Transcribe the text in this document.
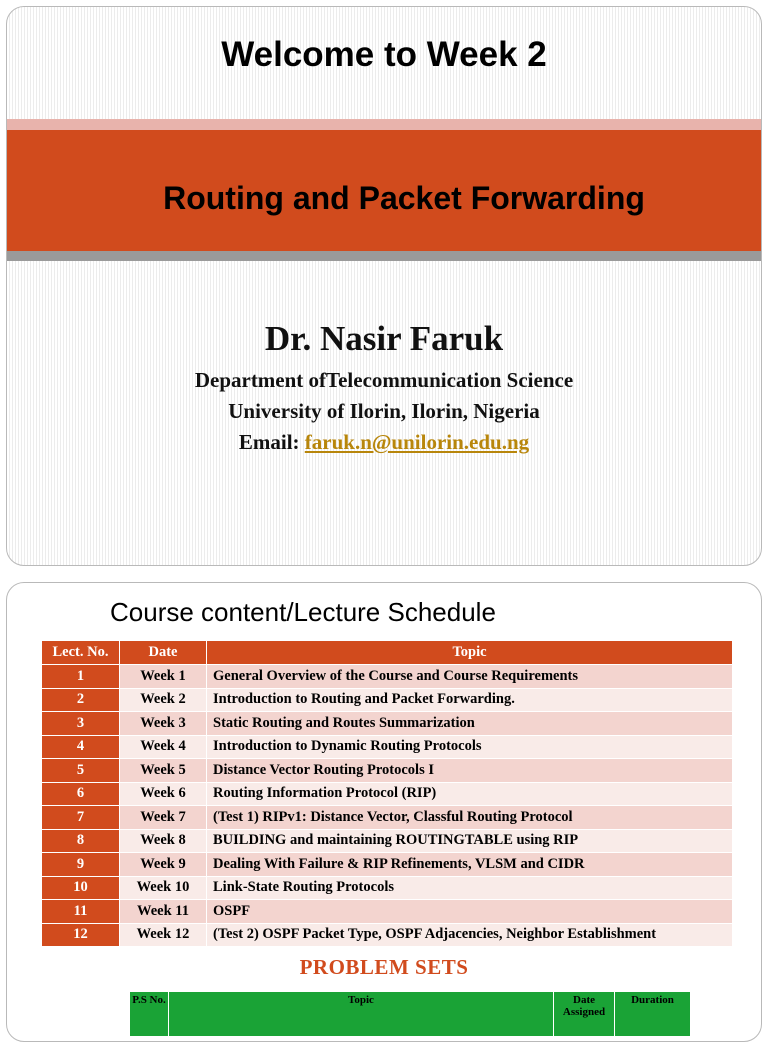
Welcome to Week 2
Routing and Packet Forwarding
Dr. Nasir Faruk
Department ofTelecommunication Science
University of Ilorin, Ilorin, Nigeria
Email: faruk.n@unilorin.edu.ng
Course content/Lecture Schedule
Lect. No.	Date	Topic
1	Week 1	General Overview of the Course and Course Requirements
2	Week 2	Introduction to Routing and Packet Forwarding.
3	Week 3	Static Routing and Routes Summarization
4	Week 4	Introduction to Dynamic Routing Protocols
5	Week 5	Distance Vector Routing Protocols I
6	Week 6	Routing Information Protocol (RIP)
7	Week 7	(Test 1) RIPv1: Distance Vector, Classful Routing Protocol
8	Week 8	BUILDING and maintaining ROUTINGTABLE using RIP
9	Week 9	Dealing With Failure & RIP Refinements, VLSM and CIDR
10	Week 10	Link-State Routing Protocols
11	Week 11	OSPF
12	Week 12	(Test 2) OSPF Packet Type, OSPF Adjacencies, Neighbor Establishment
PROBLEM SETS
P.S No.	Topic	Date Assigned	Duration
